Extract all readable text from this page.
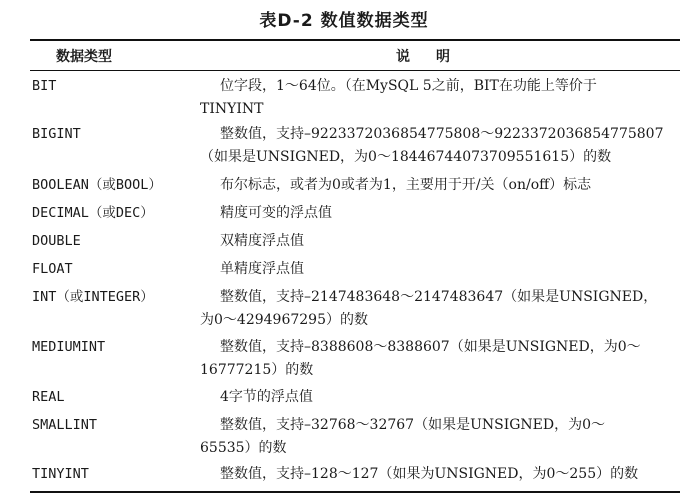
表D-2 数值数据类型
数据类型	说明
BIT	位字段，1～64位。（在MySQL 5之前，BIT在功能上等价于
TINYINT
BIGINT	整数值，支持–9223372036854775808～9223372036854775807
（如果是UNSIGNED，为0～18446744073709551615）的数
BOOLEAN（或BOOL）	布尔标志，或者为0或者为1，主要用于开/关（on/off）标志
DECIMAL（或DEC）	精度可变的浮点值
DOUBLE	双精度浮点值
FLOAT	单精度浮点值
INT（或INTEGER）	整数值，支持–2147483648～2147483647（如果是UNSIGNED，
为0～4294967295）的数
MEDIUMINT	整数值，支持–8388608～8388607（如果是UNSIGNED，为0～
16777215）的数
REAL	4字节的浮点值
SMALLINT	整数值，支持–32768～32767（如果是UNSIGNED，为0～
65535）的数
TINYINT	整数值，支持–128～127（如果为UNSIGNED，为0～255）的数
